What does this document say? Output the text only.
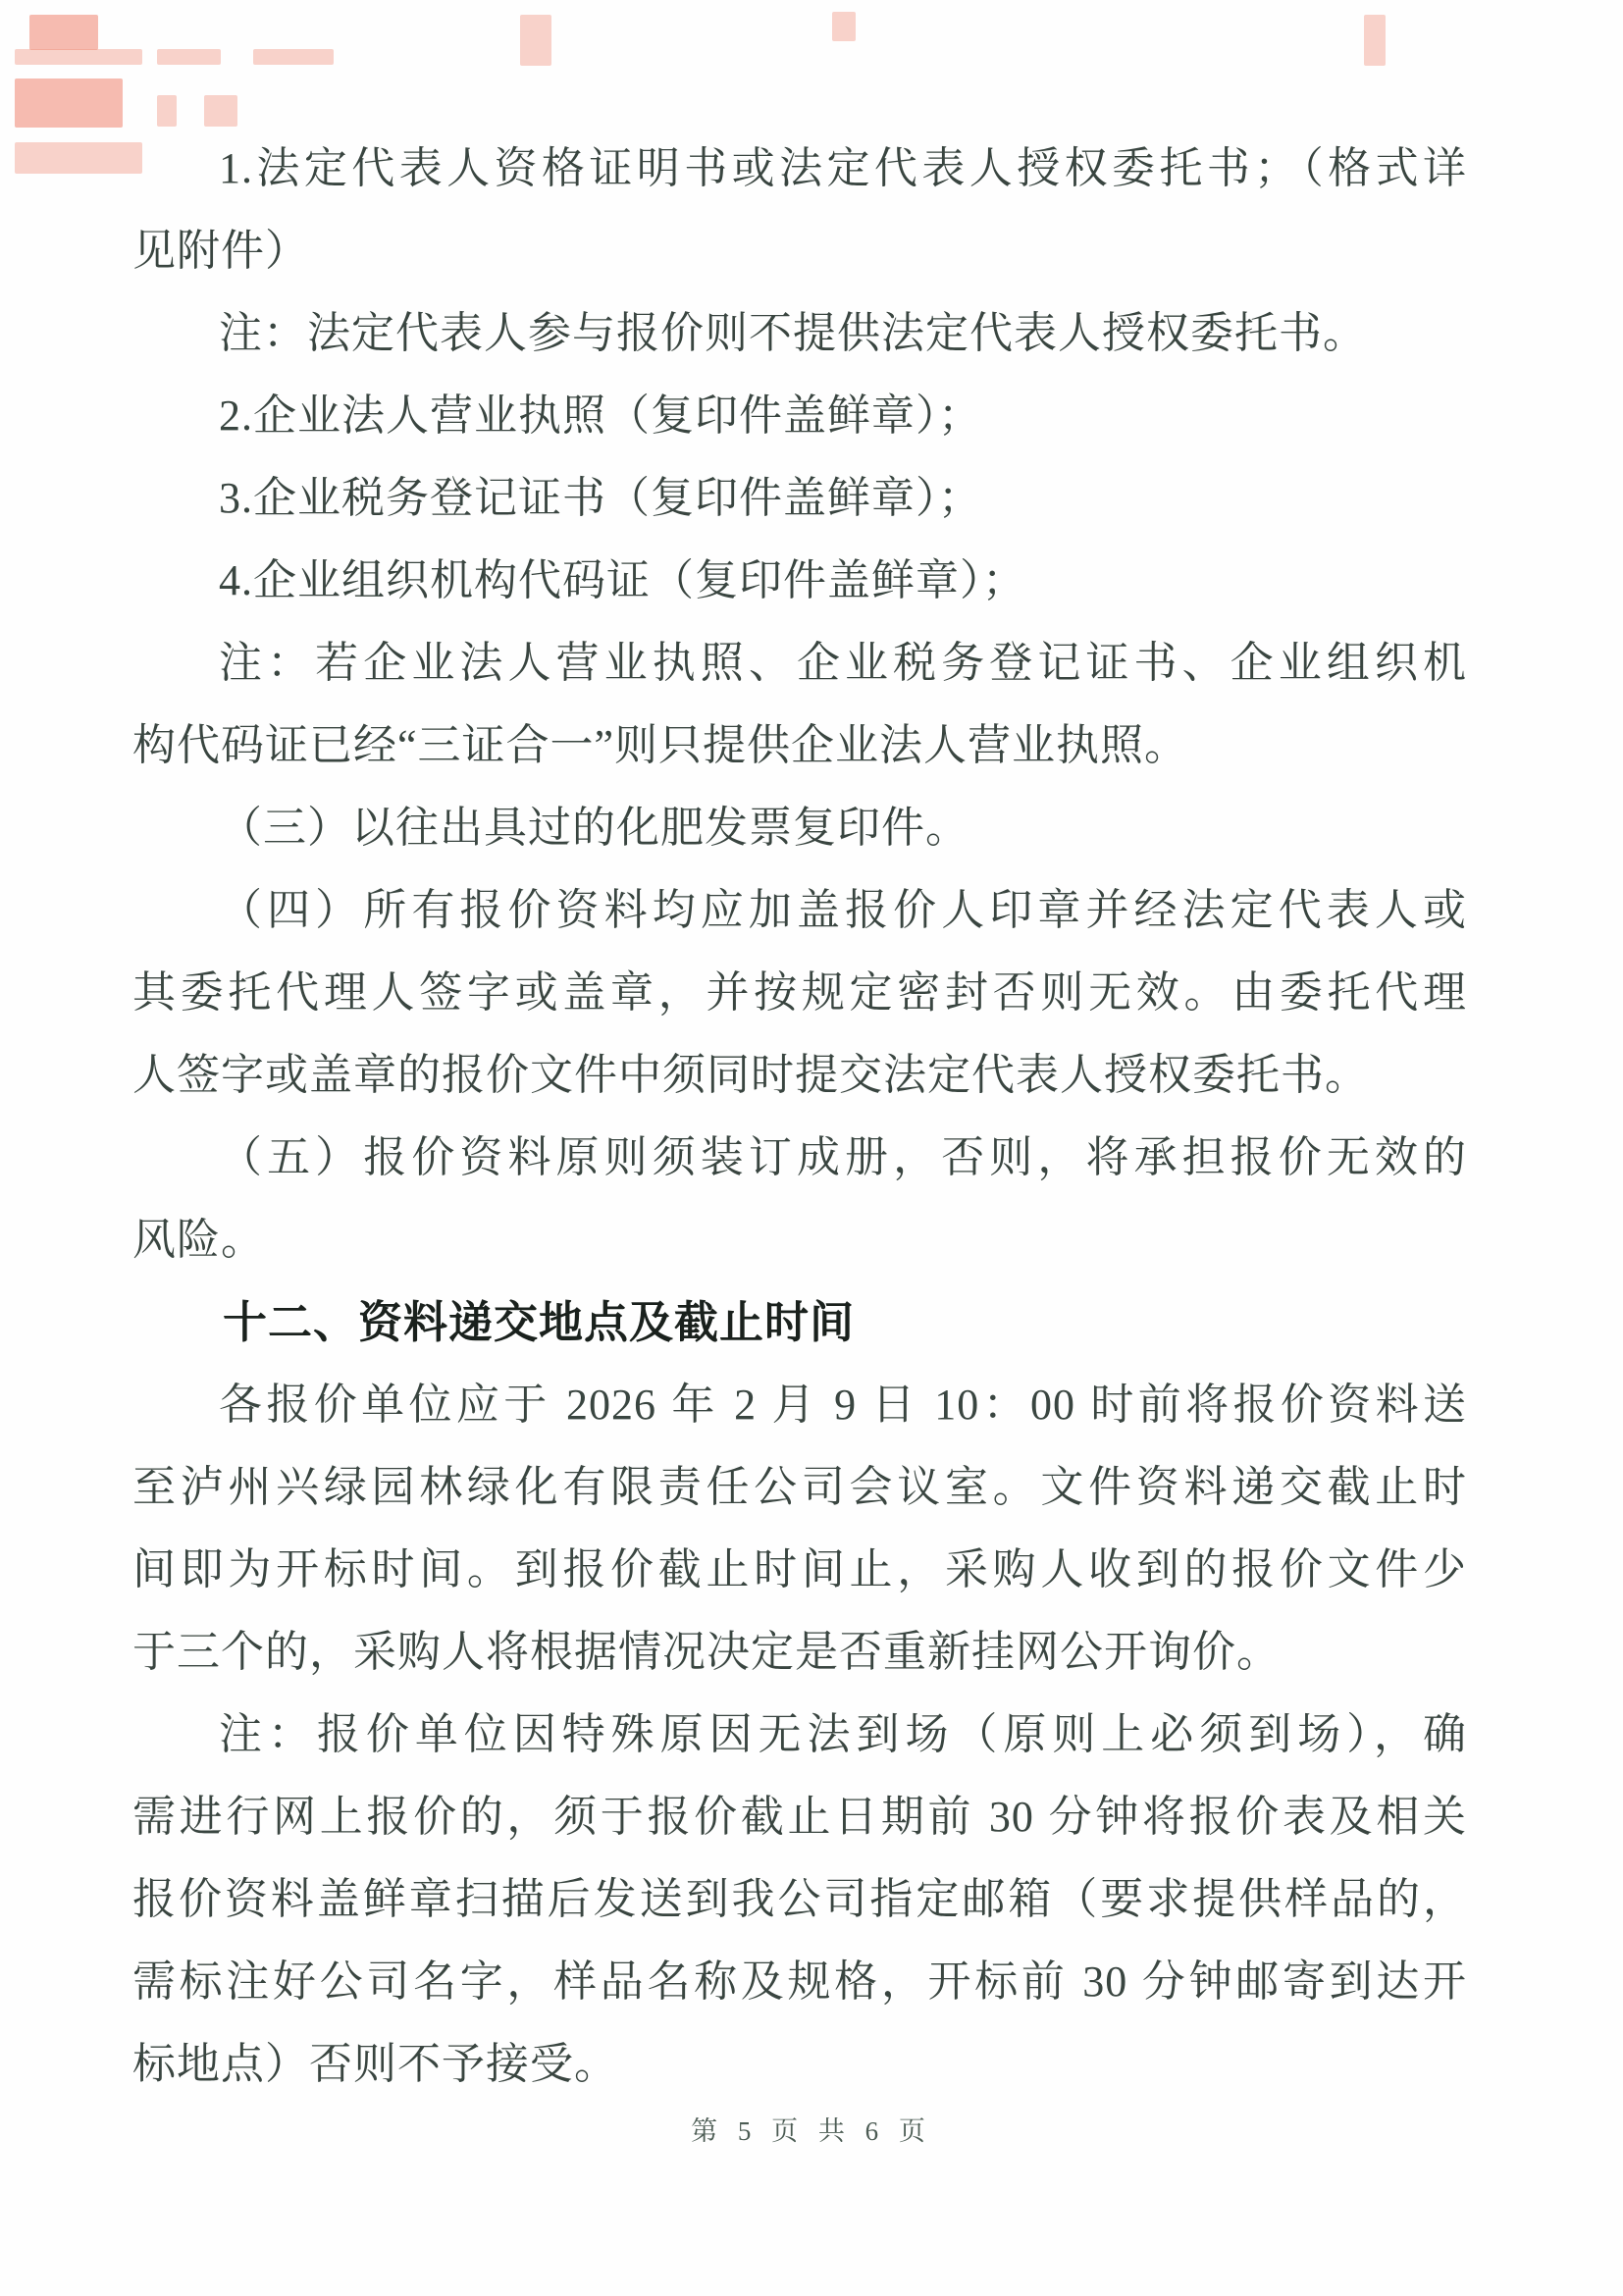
1.法定代表人资格证明书或法定代表人授权委托书；（格式详
见附件）
注：法定代表人参与报价则不提供法定代表人授权委托书。
2.企业法人营业执照（复印件盖鲜章）；
3.企业税务登记证书（复印件盖鲜章）；
4.企业组织机构代码证（复印件盖鲜章）；
注：若企业法人营业执照、企业税务登记证书、企业组织机
构代码证已经“三证合一”则只提供企业法人营业执照。
（三）以往出具过的化肥发票复印件。
（四）所有报价资料均应加盖报价人印章并经法定代表人或
其委托代理人签字或盖章，并按规定密封否则无效。由委托代理
人签字或盖章的报价文件中须同时提交法定代表人授权委托书。
（五）报价资料原则须装订成册，否则，将承担报价无效的
风险。
十二、资料递交地点及截止时间
各报价单位应于 2026 年 2 月 9 日 10：00 时前将报价资料送
至泸州兴绿园林绿化有限责任公司会议室。文件资料递交截止时
间即为开标时间。到报价截止时间止，采购人收到的报价文件少
于三个的，采购人将根据情况决定是否重新挂网公开询价。
注：报价单位因特殊原因无法到场（原则上必须到场），确
需进行网上报价的，须于报价截止日期前 30 分钟将报价表及相关
报价资料盖鲜章扫描后发送到我公司指定邮箱（要求提供样品的，
需标注好公司名字，样品名称及规格，开标前 30 分钟邮寄到达开
标地点）否则不予接受。
第 5 页 共 6 页
